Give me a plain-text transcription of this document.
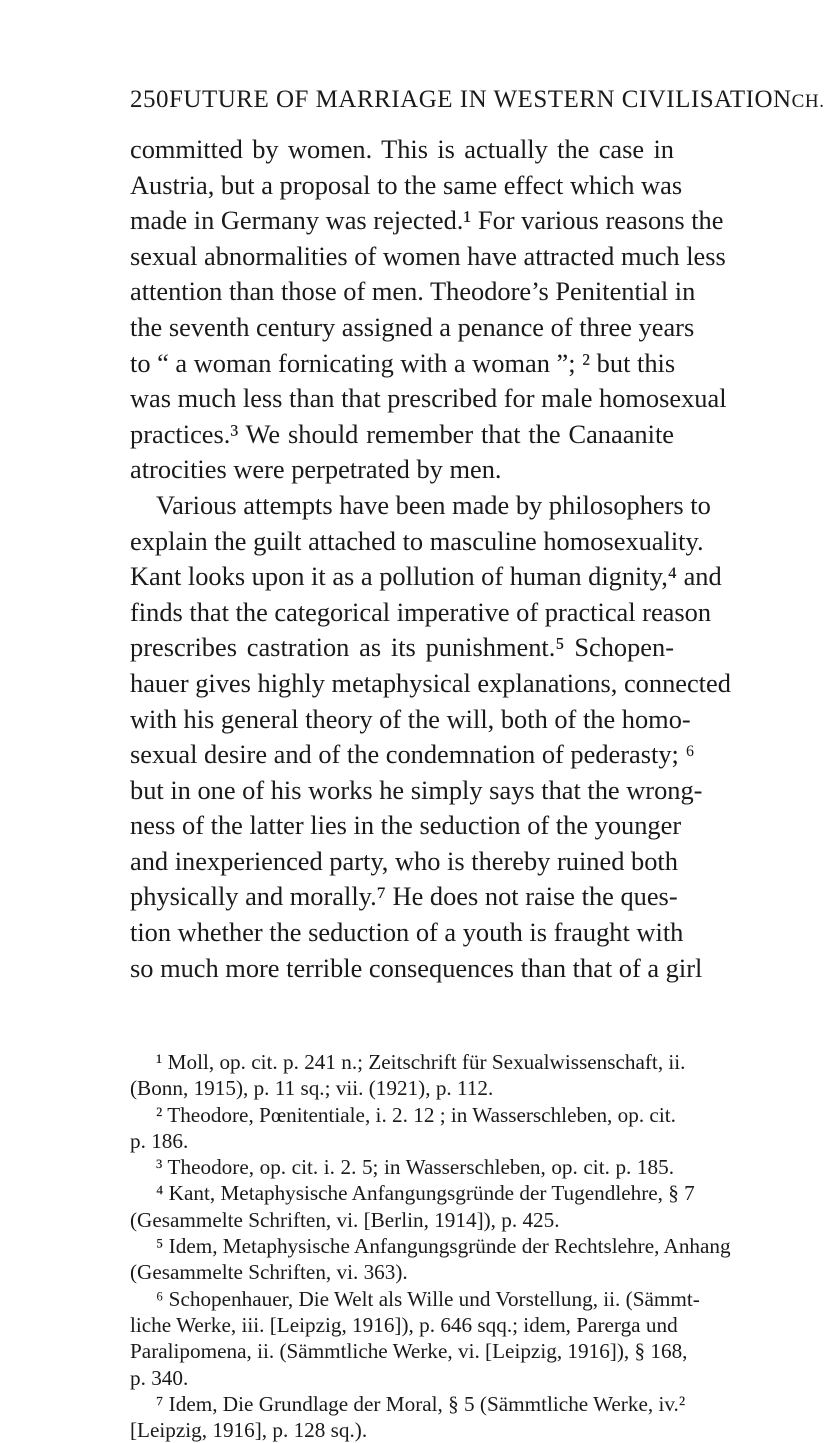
250 FUTURE OF MARRIAGE IN WESTERN CIVILISATION CH.
committed by women. This is actually the case in
Austria, but a proposal to the same effect which was
made in Germany was rejected.¹ For various reasons the
sexual abnormalities of women have attracted much less
attention than those of men. Theodore’s Penitential in
the seventh century assigned a penance of three years
to “ a woman fornicating with a woman ”; ² but this
was much less than that prescribed for male homosexual
practices.³ We should remember that the Canaanite
atrocities were perpetrated by men.
Various attempts have been made by philosophers to
explain the guilt attached to masculine homosexuality.
Kant looks upon it as a pollution of human dignity,⁴ and
finds that the categorical imperative of practical reason
prescribes castration as its punishment.⁵ Schopen-
hauer gives highly metaphysical explanations, connected
with his general theory of the will, both of the homo-
sexual desire and of the condemnation of pederasty; ⁶
but in one of his works he simply says that the wrong-
ness of the latter lies in the seduction of the younger
and inexperienced party, who is thereby ruined both
physically and morally.⁷ He does not raise the ques-
tion whether the seduction of a youth is fraught with
so much more terrible consequences than that of a girl
¹ Moll, op. cit. p. 241 n.; Zeitschrift für Sexualwissenschaft, ii.
(Bonn, 1915), p. 11 sq.; vii. (1921), p. 112.
² Theodore, Pœnitentiale, i. 2. 12 ; in Wasserschleben, op. cit.
p. 186.
³ Theodore, op. cit. i. 2. 5; in Wasserschleben, op. cit. p. 185.
⁴ Kant, Metaphysische Anfangungsgründe der Tugendlehre, § 7
(Gesammelte Schriften, vi. [Berlin, 1914]), p. 425.
⁵ Idem, Metaphysische Anfangungsgründe der Rechtslehre, Anhang
(Gesammelte Schriften, vi. 363).
⁶ Schopenhauer, Die Welt als Wille und Vorstellung, ii. (Sämmt-
liche Werke, iii. [Leipzig, 1916]), p. 646 sqq.; idem, Parerga und
Paralipomena, ii. (Sämmtliche Werke, vi. [Leipzig, 1916]), § 168,
p. 340.
⁷ Idem, Die Grundlage der Moral, § 5 (Sämmtliche Werke, iv.²
[Leipzig, 1916], p. 128 sq.).
